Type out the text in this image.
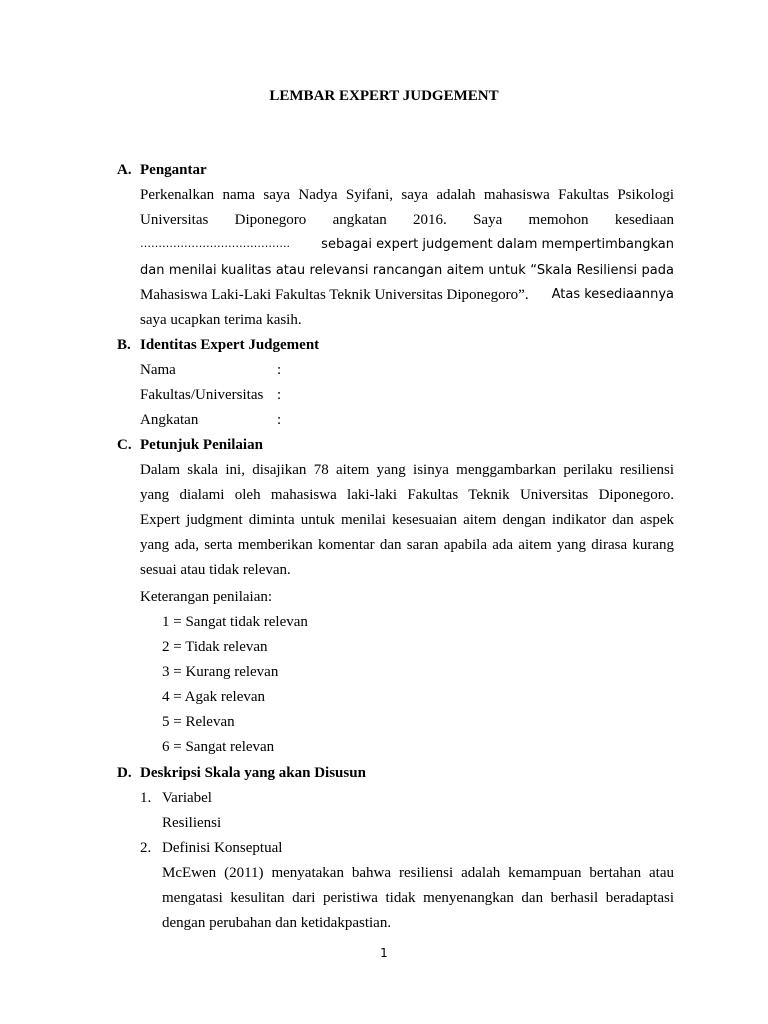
LEMBAR EXPERT JUDGEMENT
A. Pengantar
Perkenalkan nama saya Nadya Syifani, saya adalah mahasiswa Fakultas Psikologi
Universitas Diponegoro angkatan 2016. Saya memohon kesediaan
………………………………….. sebagai expert judgement dalam mempertimbangkan
dan menilai kualitas atau relevansi rancangan aitem untuk “Skala Resiliensi pada
Mahasiswa Laki-Laki Fakultas Teknik Universitas Diponegoro”. Atas kesediaannya
saya ucapkan terima kasih.
B. Identitas Expert Judgement
Nama	:
Fakultas/Universitas :
Angkatan	:
C. Petunjuk Penilaian
Dalam skala ini, disajikan 78 aitem yang isinya menggambarkan perilaku resiliensi
yang dialami oleh mahasiswa laki-laki Fakultas Teknik Universitas Diponegoro.
Expert judgment diminta untuk menilai kesesuaian aitem dengan indikator dan aspek
yang ada, serta memberikan komentar dan saran apabila ada aitem yang dirasa kurang
sesuai atau tidak relevan.
Keterangan penilaian:
1 = Sangat tidak relevan
2 = Tidak relevan
3 = Kurang relevan
4 = Agak relevan
5 = Relevan
6 = Sangat relevan
D. Deskripsi Skala yang akan Disusun
1. Variabel
Resiliensi
2. Definisi Konseptual
McEwen (2011) menyatakan bahwa resiliensi adalah kemampuan bertahan atau
mengatasi kesulitan dari peristiwa tidak menyenangkan dan berhasil beradaptasi
dengan perubahan dan ketidakpastian.
1
